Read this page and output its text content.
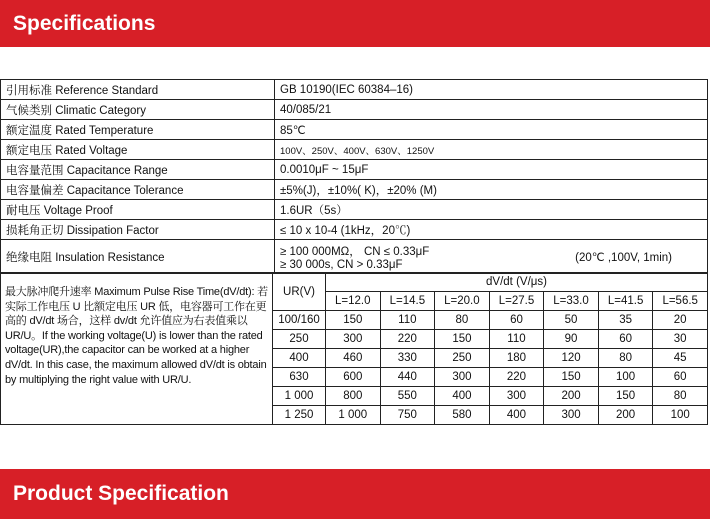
Specifications
引用标准 Reference Standard	GB 10190(IEC 60384–16)
气候类别 Climatic Category	40/085/21
额定温度 Rated Temperature	85℃
额定电压 Rated Voltage	100V、250V、400V、630V、1250V
电容量范围 Capacitance Range	0.0010μF ~ 15μF
电容量偏差 Capacitance Tolerance	±5%(J)，±10%( K)，±20% (M)
耐电压 Voltage Proof	1.6UR（5s）
损耗角正切 Dissipation Factor	≤ 10 x 10-4 (1kHz，20℃)
绝缘电阻 Insulation Resistance	≥ 100 000MΩ， CN ≤ 0.33μF
≥ 30 000s, CN > 0.33μF
(20℃ ,100V, 1min)
最大脉冲爬升速率 Maximum Pulse Rise Time(dV/dt): 若实际工作电压 U 比额定电压 UR 低，电容器可工作在更高的 dV/dt 场合，这样 dv/dt 允许值应为右表值乘以 UR/U。If the working voltage(U) is lower than the rated voltage(UR),the capacitor can be worked at a higher dV/dt. In this case, the maximum allowed dV/dt is obtain by multiplying the right value with UR/U.	UR(V)	dV/dt (V/μs)						
		L=12.0	L=14.5	L=20.0	L=27.5	L=33.0	L=41.5	L=56.5
	100/160	150	110	80	60	50	35	20
	250	300	220	150	110	90	60	30
	400	460	330	250	180	120	80	45
	630	600	440	300	220	150	100	60
	1 000	800	550	400	300	200	150	80
	1 250	1 000	750	580	400	300	200	100
Product Specification
